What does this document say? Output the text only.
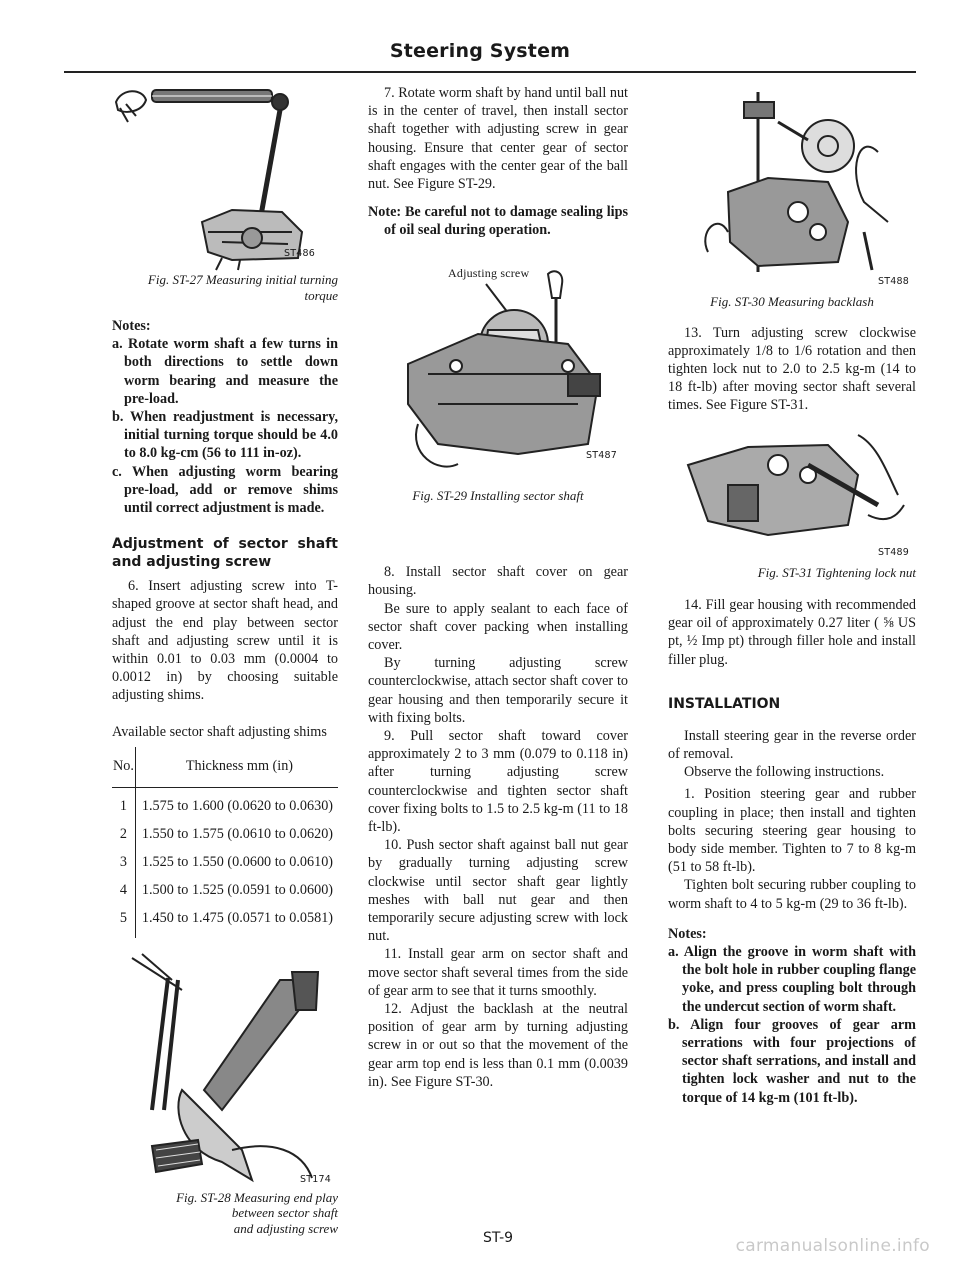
Steering System
ST486

Fig. ST-27 Measuring initial turning

torque

Notes:

a. Rotate worm shaft a few turns in both directions to settle down worm bearing and measure the pre-load.

b. When readjustment is necessary, initial turning torque should be 4.0 to 8.0 kg-cm (56 to 111 in-oz).

c. When adjusting worm bearing pre-load, add or remove shims until correct adjustment is made.

Adjustment of sector shaft and adjusting screw

6. Insert adjusting screw into T-shaped groove at sector shaft head, and adjust the end play between sector shaft and adjusting screw until it is within 0.01 to 0.03 mm (0.0004 to 0.0012 in) by choosing suitable adjusting shims.

Available sector shaft adjusting shims

No.	Thickness mm (in)
1	1.575 to 1.600 (0.0620 to 0.0630)
2	1.550 to 1.575 (0.0610 to 0.0620)
3	1.525 to 1.550 (0.0600 to 0.0610)
4	1.500 to 1.525 (0.0591 to 0.0600)
5	1.450 to 1.475 (0.0571 to 0.0581)
ST174

Fig. ST-28 Measuring end play

between sector shaft

and adjusting screw

7. Rotate worm shaft by hand until ball nut is in the center of travel, then install sector shaft together with adjusting screw in gear housing. Ensure that center gear of sector shaft engages with the center gear of the ball nut. See Figure ST-29.

Note: Be careful not to damage sealing lips of oil seal during operation.

Adjusting screw
ST487

Fig. ST-29 Installing sector shaft

8. Install sector shaft cover on gear housing.

Be sure to apply sealant to each face of sector shaft cover packing when installing cover.

By turning adjusting screw counterclockwise, attach sector shaft cover to gear housing and then temporarily secure it with fixing bolts.

9. Pull sector shaft toward cover approximately 2 to 3 mm (0.079 to 0.118 in) after turning adjusting screw counterclockwise and tighten sector shaft cover fixing bolts to 1.5 to 2.5 kg-m (11 to 18 ft-lb).

10. Push sector shaft against ball nut gear by gradually turning adjusting screw clockwise until sector shaft gear lightly meshes with ball nut gear and then temporarily secure adjusting screw with lock nut.

11. Install gear arm on sector shaft and move sector shaft several times from the side of gear arm to see that it turns smoothly.

12. Adjust the backlash at the neutral position of gear arm by turning adjusting screw in or out so that the movement of the gear arm top end is less than 0.1 mm (0.0039 in). See Figure ST-30.

ST488

Fig. ST-30 Measuring backlash

13. Turn adjusting screw clockwise approximately 1/8 to 1/6 rotation and then tighten lock nut to 2.0 to 2.5 kg-m (14 to 18 ft-lb) after moving sector shaft several times. See Figure ST-31.

ST489

Fig. ST-31 Tightening lock nut

14. Fill gear housing with recommended gear oil of approximately 0.27 liter ( ⅝ US pt, ½ Imp pt) through filler hole and install filler plug.

INSTALLATION

Install steering gear in the reverse order of removal.

Observe the following instructions.

1. Position steering gear and rubber coupling in place; then install and tighten bolts securing steering gear housing to body side member. Tighten to 7 to 8 kg-m (51 to 58 ft-lb).

Tighten bolt securing rubber coupling to worm shaft to 4 to 5 kg-m (29 to 36 ft-lb).

Notes:

a. Align the groove in worm shaft with the bolt hole in rubber coupling flange yoke, and press coupling bolt through the undercut section of worm shaft.

b. Align four grooves of gear arm serrations with four projections of sector shaft serrations, and install and tighten lock washer and nut to the torque of 14 kg-m (101 ft-lb).

ST-9	carmanualsonline.info
